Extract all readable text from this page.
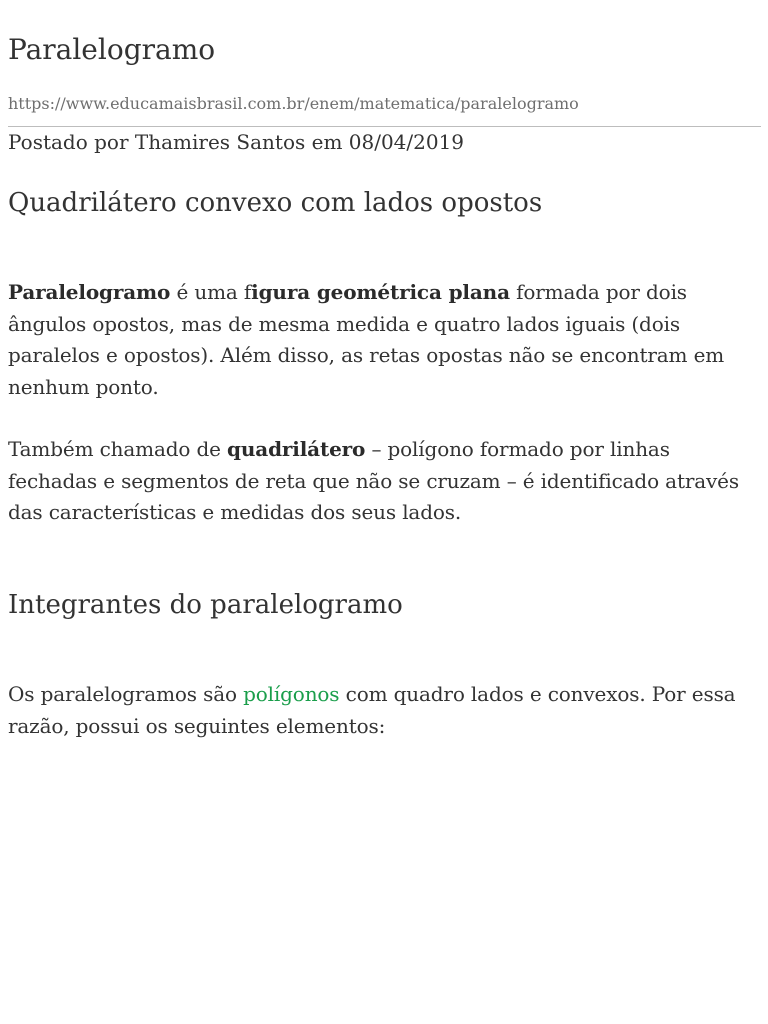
Paralelogramo
https://www.educamaisbrasil.com.br/enem/matematica/paralelogramo
Postado por Thamires Santos em 08/04/2019
Quadrilátero convexo com lados opostos

Paralelogramo é uma figura geométrica plana formada por dois ângulos opostos, mas de mesma medida e quatro lados iguais (dois paralelos e opostos). Além disso, as retas opostas não se encontram em nenhum ponto.

Também chamado de quadrilátero – polígono formado por linhas fechadas e segmentos de reta que não se cruzam – é identificado através das características e medidas dos seus lados.

Integrantes do paralelogramo

Os paralelogramos são polígonos com quadro lados e convexos. Por essa razão, possui os seguintes elementos:
